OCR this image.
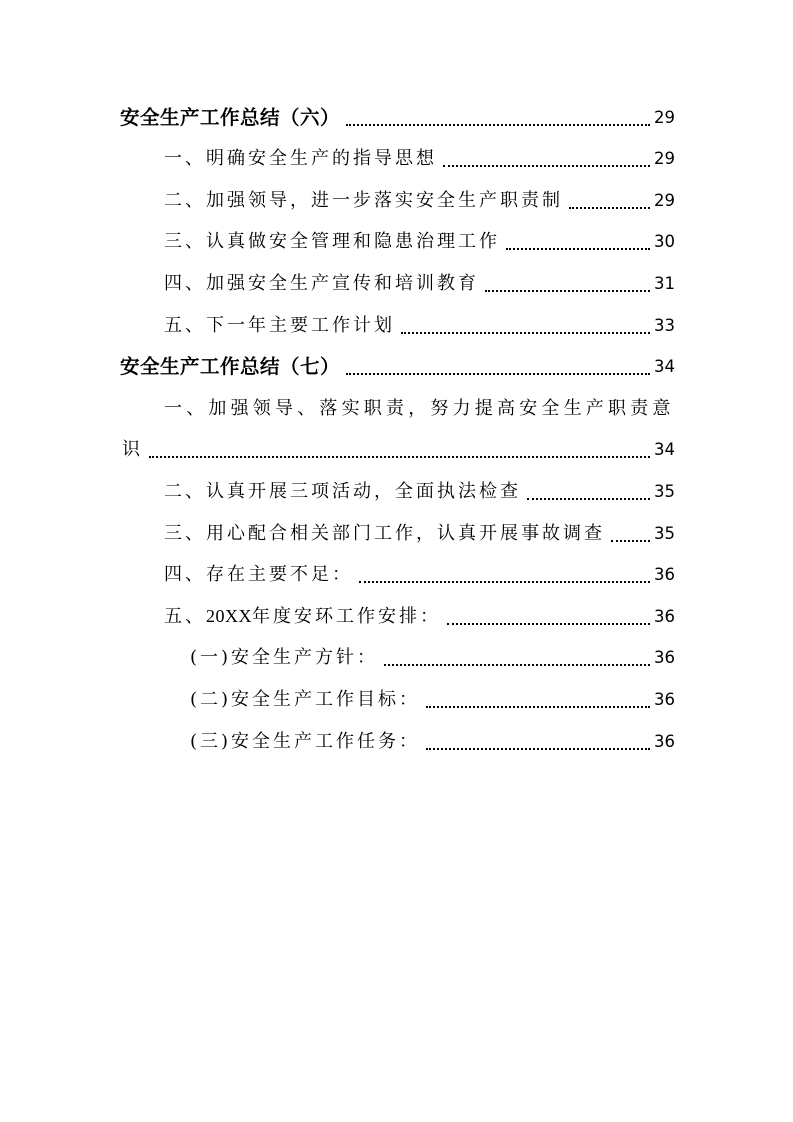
安全生产工作总结（六）	29
一、明确安全生产的指导思想	29
二、加强领导，进一步落实安全生产职责制	29
三、认真做安全管理和隐患治理工作	30
四、加强安全生产宣传和培训教育	31
五、下一年主要工作计划	33
安全生产工作总结（七）	34
一、加强领导、落实职责，努力提高安全生产职责意
识	34
二、认真开展三项活动，全面执法检查	35
三、用心配合相关部门工作，认真开展事故调查	35
四、存在主要不足：	36
五、20XX年度安环工作安排：	36
(一)安全生产方针：	36
(二)安全生产工作目标：	36
(三)安全生产工作任务：	36
